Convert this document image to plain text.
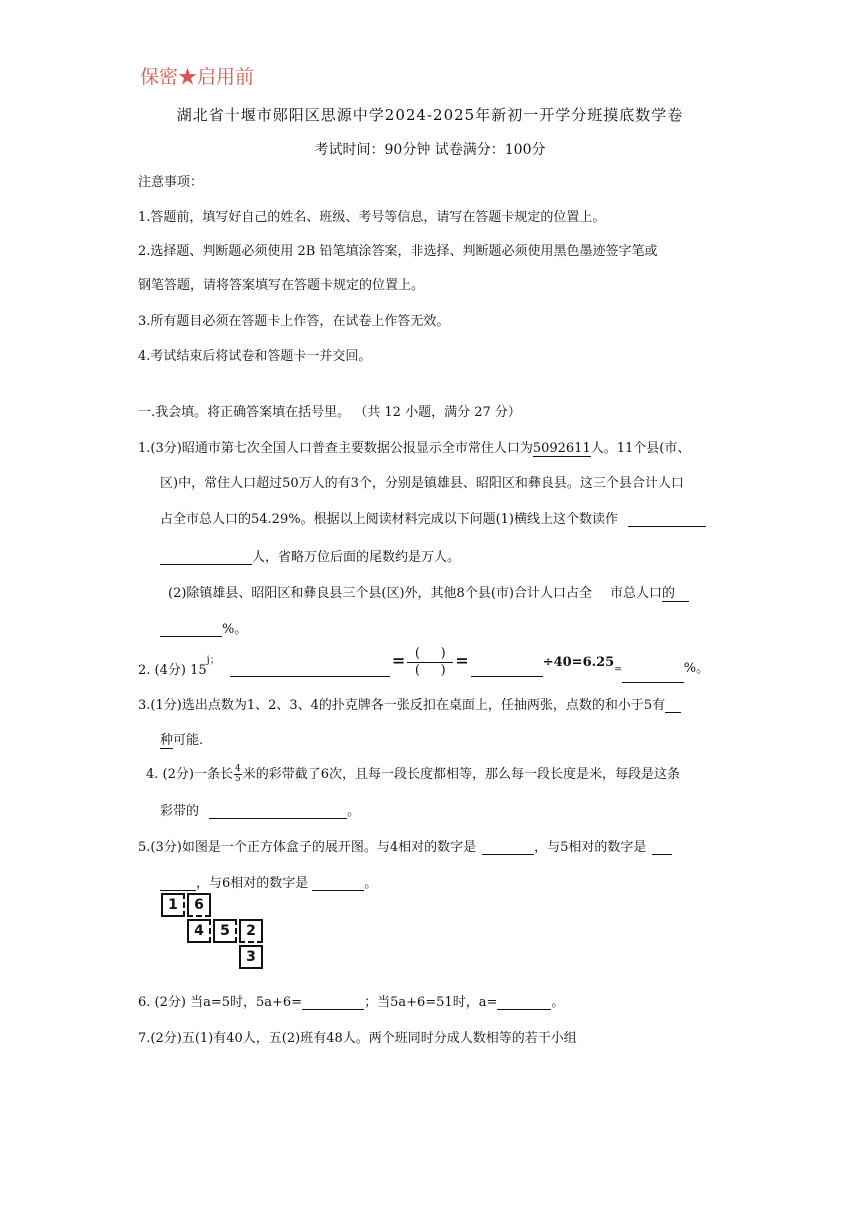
保密★启用前
湖北省十堰市郧阳区思源中学2024-2025年新初一开学分班摸底数学卷
考试时间：90分钟 试卷满分：100分
注意事项：
1.答题前，填写好自己的姓名、班级、考号等信息，请写在答题卡规定的位置上。
2.选择题、判断题必须使用 2B 铅笔填涂答案，非选择、判断题必须使用黑色墨迹签字笔或
钢笔答题，请将答案填写在答题卡规定的位置上。
3.所有题目必须在答题卡上作答，在试卷上作答无效。
4.考试结束后将试卷和答题卡一并交回。
一.我会填。将正确答案填在括号里。 （共 12 小题，满分 27 分）
1.(3分)昭通市第七次全国人口普查主要数据公报显示全市常住人口为5092611人。11个县(市、
区)中，常住人口超过50万人的有3个，分别是镇雄县、昭阳区和彝良县。这三个县合计人口
占全市总人口的54.29%。根据以上阅读材料完成以下问题(1)横线上这个数读作
人，省略万位后面的尾数约是万人。
(2)除镇雄县、昭阳区和彝良县三个县(区)外，其他8个县(市)合计人口占全 市总人口的
%。
2. (4分) $15^{j;}$	= $\frac{( )}{( )}$ =	$\div 40=6.25_=$	%。
3.(1分)选出点数为1、2、3、4的扑克牌各一张反扣在桌面上，任抽两张，点数的和小于5有
种可能.
4. (2分)一条长 $\frac{4}{5}$ 米的彩带截了6次，且每一段长度都相等，那么每一段长度是米，每段是这条
彩带的	。
5.(3分)如图是一个正方体盒子的展开图。与4相对的数字是	，与5相对的数字是
，与6相对的数字是	。
1	6
4	5	2
3
6. (2分) 当a=5时，5a+6=	；当5a+6=51时，a=	。
7.(2分)五(1)有40人，五(2)班有48人。两个班同时分成人数相等的若干小组
